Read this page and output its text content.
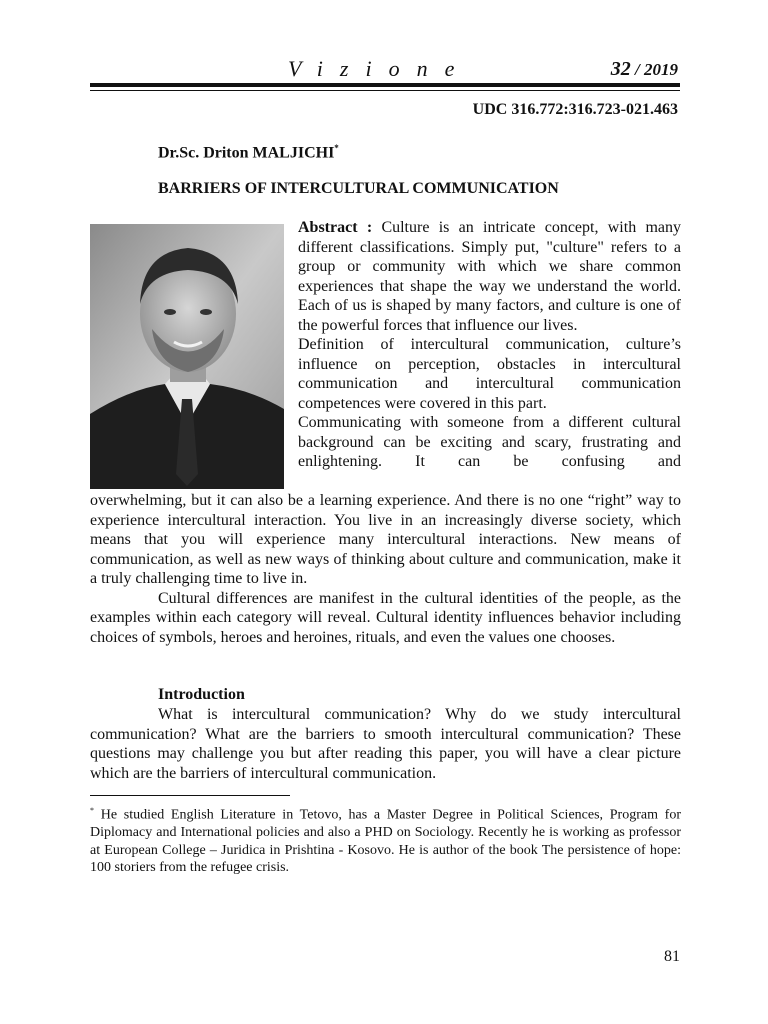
Vizione	32 / 2019
UDC 316.772:316.723-021.463
Dr.Sc. Driton MALJICHI*
BARRIERS OF INTERCULTURAL COMMUNICATION

Abstract : Culture is an intricate concept, with many different classifications. Simply put, "culture" refers to a group or community with which we share common experiences that shape the way we understand the world. Each of us is shaped by many factors, and culture is one of the powerful forces that influence our lives.

Definition of intercultural communication, culture’s influence on perception, obstacles in intercultural communication and intercultural communication competences were covered in this part.

Communicating with someone from a different cultural background can be exciting and scary, frustrating and enlightening. It can be confusing and

overwhelming, but it can also be a learning experience. And there is no one “right” way to experience intercultural interaction. You live in an increasingly diverse society, which means that you will experience many intercultural interactions. New means of communication, as well as new ways of thinking about culture and communication, make it a truly challenging time to live in.

Cultural differences are manifest in the cultural identities of the people, as the examples within each category will reveal. Cultural identity influences behavior including choices of symbols, heroes and heroines, rituals, and even the values one chooses.

Introduction

What is intercultural communication? Why do we study intercultural communication? What are the barriers to smooth intercultural communication? These questions may challenge you but after reading this paper, you will have a clear picture which are the barriers of intercultural communication.

* He studied English Literature in Tetovo, has a Master Degree in Political Sciences, Program for Diplomacy and International policies and also a PHD on Sociology. Recently he is working as professor at European College – Juridica in Prishtina - Kosovo. He is author of the book The persistence of hope: 100 storiers from the refugee crisis.
81
